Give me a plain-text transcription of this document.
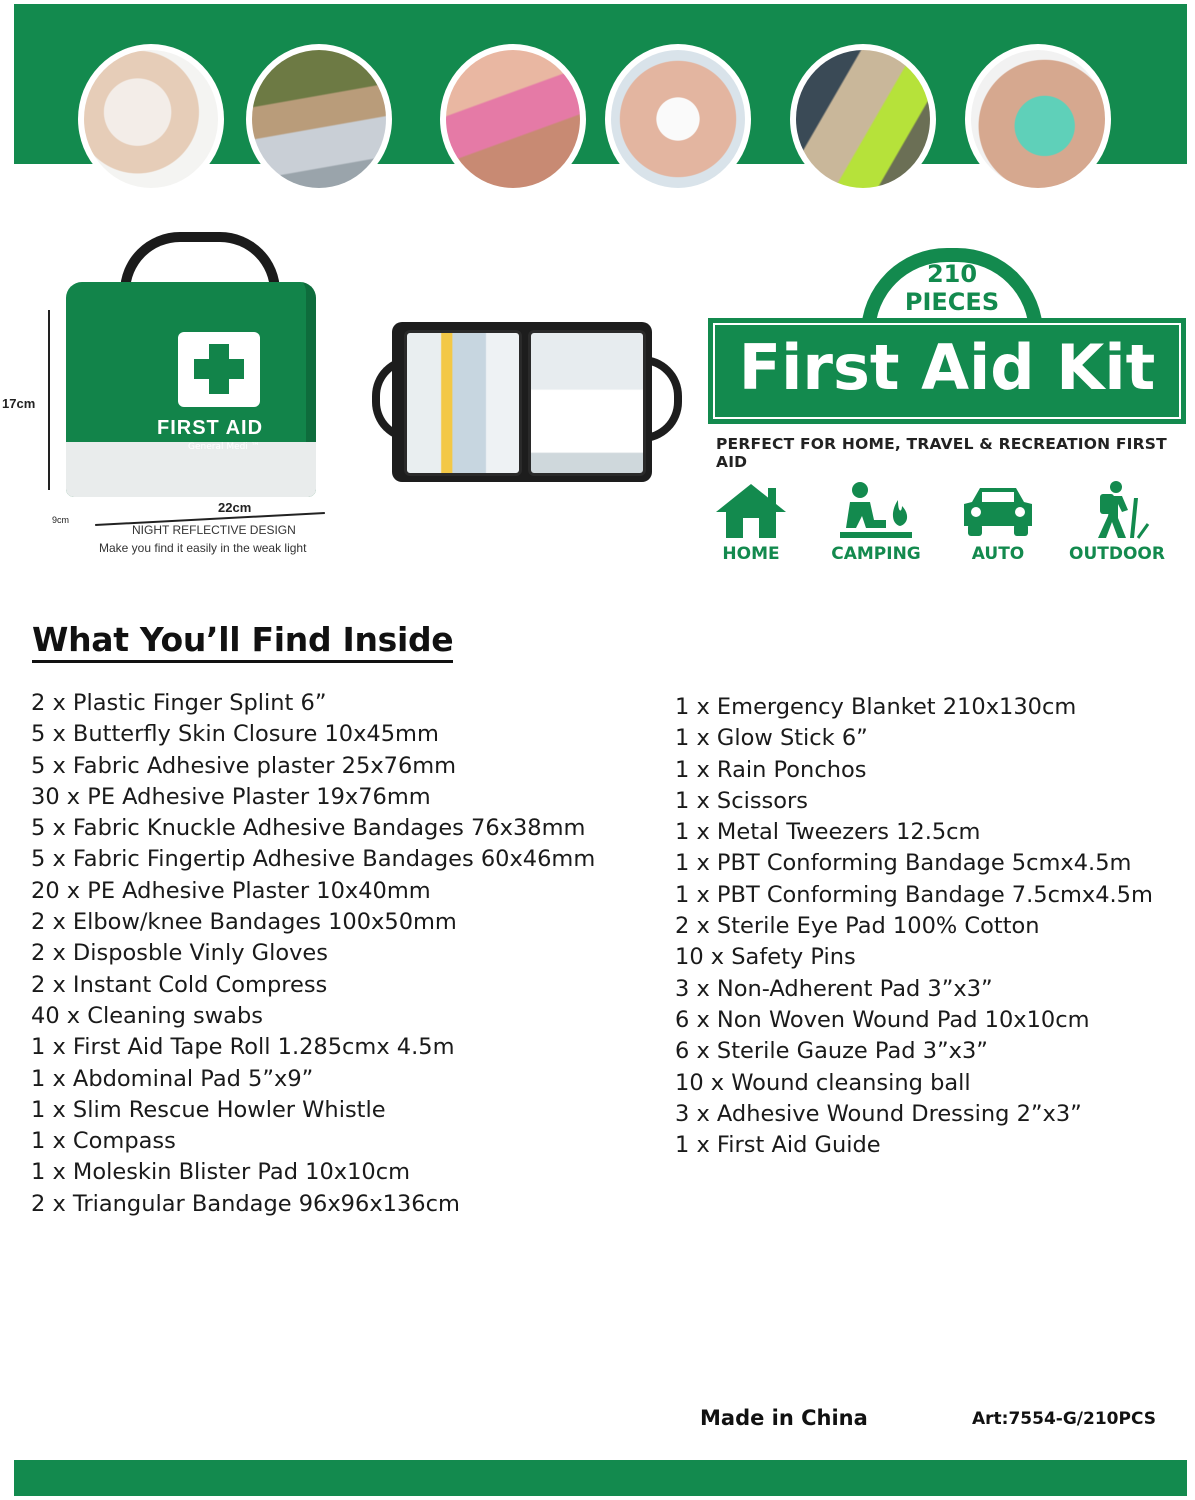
FIRST AID
General Medi ™
17cm
22cm
9cm
NIGHT REFLECTIVE DESIGN
Make you find it easily in the weak light
210
PIECES
First Aid Kit
PERFECT FOR HOME, TRAVEL & RECREATION FIRST AID
HOME	CAMPING	AUTO	OUTDOOR
What You’ll Find Inside
2 x Plastic Finger Splint 6”
5 x Butterfly Skin Closure 10x45mm
5 x Fabric Adhesive plaster 25x76mm
30 x PE Adhesive Plaster 19x76mm
5 x Fabric Knuckle Adhesive Bandages 76x38mm
5 x Fabric Fingertip Adhesive Bandages 60x46mm
20 x PE Adhesive Plaster 10x40mm
2 x Elbow/knee Bandages 100x50mm
2 x Disposble Vinly Gloves
2 x Instant Cold Compress
40 x Cleaning swabs
1 x First Aid Tape Roll 1.285cmx 4.5m
1 x Abdominal Pad 5”x9”
1 x Slim Rescue Howler Whistle
1 x Compass
1 x Moleskin Blister Pad 10x10cm
2 x Triangular Bandage 96x96x136cm
1 x Emergency Blanket 210x130cm
1 x Glow Stick 6”
1 x Rain Ponchos
1 x Scissors
1 x Metal Tweezers 12.5cm
1 x PBT Conforming Bandage 5cmx4.5m
1 x PBT Conforming Bandage 7.5cmx4.5m
2 x Sterile Eye Pad 100% Cotton
10 x Safety Pins
3 x Non-Adherent Pad 3”x3”
6 x Non Woven Wound Pad 10x10cm
6 x Sterile Gauze Pad 3”x3”
10 x Wound cleansing ball
3 x Adhesive Wound Dressing 2”x3”
1 x First Aid Guide
Made in China	Art:7554-G/210PCS
